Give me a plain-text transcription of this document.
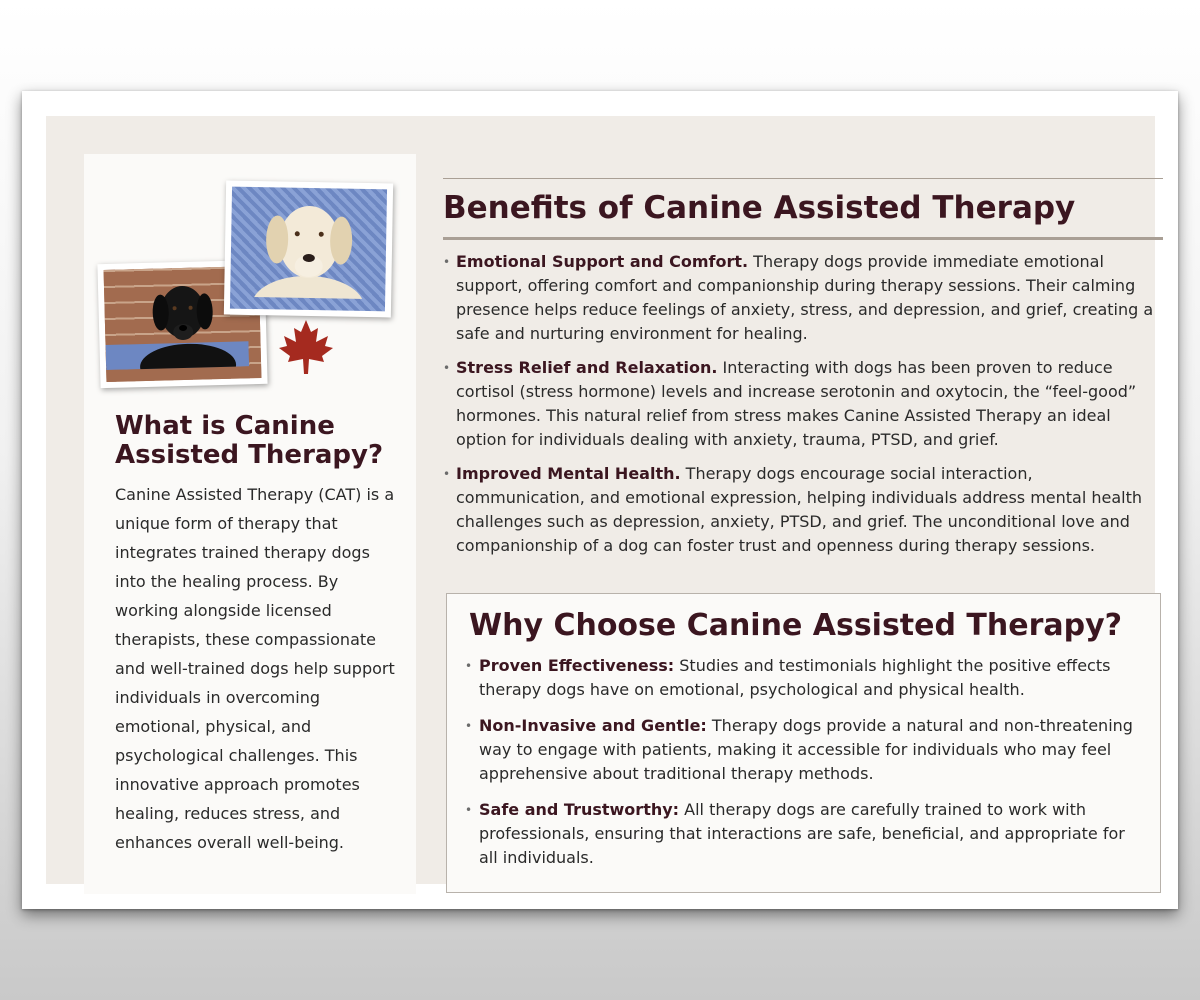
What is Canine Assisted Therapy?

Canine Assisted Therapy (CAT) is a unique form of therapy that integrates trained therapy dogs into the healing process. By working alongside licensed therapists, these compassionate and well-trained dogs help support individuals in overcoming emotional, physical, and psychological challenges. This innovative approach promotes healing, reduces stress, and enhances overall well-being.

Benefits of Canine Assisted Therapy
• Emotional Support and Comfort. Therapy dogs provide immediate emotional support, offering comfort and companionship during therapy sessions. Their calming presence helps reduce feelings of anxiety, stress, and depression, and grief, creating a safe and nurturing environment for healing.
• Stress Relief and Relaxation. Interacting with dogs has been proven to reduce cortisol (stress hormone) levels and increase serotonin and oxytocin, the “feel-good” hormones. This natural relief from stress makes Canine Assisted Therapy an ideal option for individuals dealing with anxiety, trauma, PTSD, and grief.
• Improved Mental Health. Therapy dogs encourage social interaction, communication, and emotional expression, helping individuals address mental health challenges such as depression, anxiety, PTSD, and grief. The unconditional love and companionship of a dog can foster trust and openness during therapy sessions.
Why Choose Canine Assisted Therapy?
• Proven Effectiveness: Studies and testimonials highlight the positive effects therapy dogs have on emotional, psychological and physical health.
• Non-Invasive and Gentle: Therapy dogs provide a natural and non-threatening way to engage with patients, making it accessible for individuals who may feel apprehensive about traditional therapy methods.
• Safe and Trustworthy: All therapy dogs are carefully trained to work with professionals, ensuring that interactions are safe, beneficial, and appropriate for all individuals.
